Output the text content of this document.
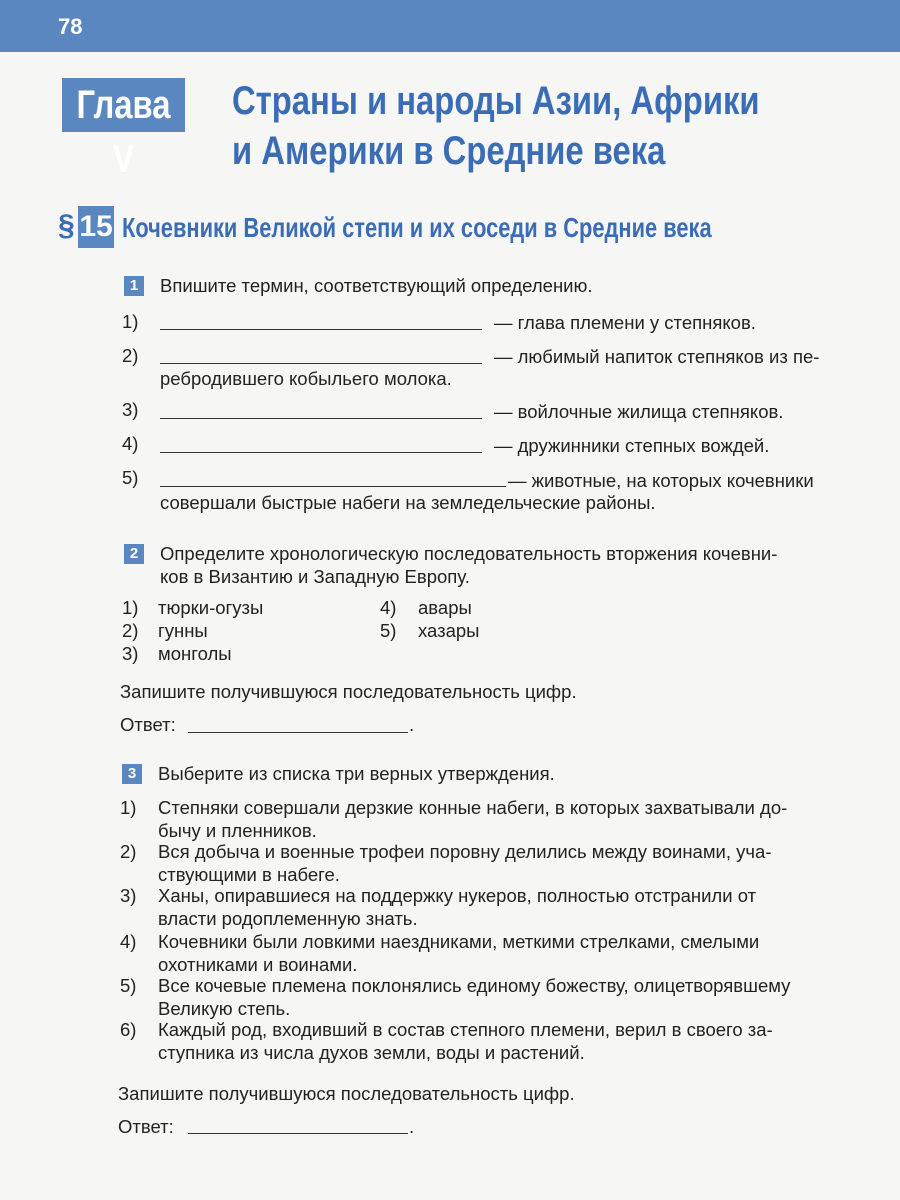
78
Глава V
Страны и народы Азии, Африки
и Америки в Средние века
§ 15 Кочевники Великой степи и их соседи в Средние века
1	Впишите термин, соответствующий определению.
1)	— глава племени у степняков.
2)	— любимый напиток степняков из пе-
ребродившего кобыльего молока.
3)	— войлочные жилища степняков.
4)	— дружинники степных вождей.
5)	— животные, на которых кочевники
совершали быстрые набеги на земледельческие районы.
2	Определите хронологическую последовательность вторжения кочевни-
ков в Византию и Западную Европу.
1) тюрки-огузы
2) гунны
3) монголы
4) авары
5) хазары
Запишите получившуюся последовательность цифр.
Ответ:	.
3	Выберите из списка три верных утверждения.
1) Степняки совершали дерзкие конные набеги, в которых захватывали до-
бычу и пленников.
2) Вся добыча и военные трофеи поровну делились между воинами, уча-
ствующими в набеге.
3) Ханы, опиравшиеся на поддержку нукеров, полностью отстранили от
власти родоплеменную знать.
4) Кочевники были ловкими наездниками, меткими стрелками, смелыми
охотниками и воинами.
5) Все кочевые племена поклонялись единому божеству, олицетворявшему
Великую степь.
6) Каждый род, входивший в состав степного племени, верил в своего за-
ступника из числа духов земли, воды и растений.
Запишите получившуюся последовательность цифр.
Ответ:	.
